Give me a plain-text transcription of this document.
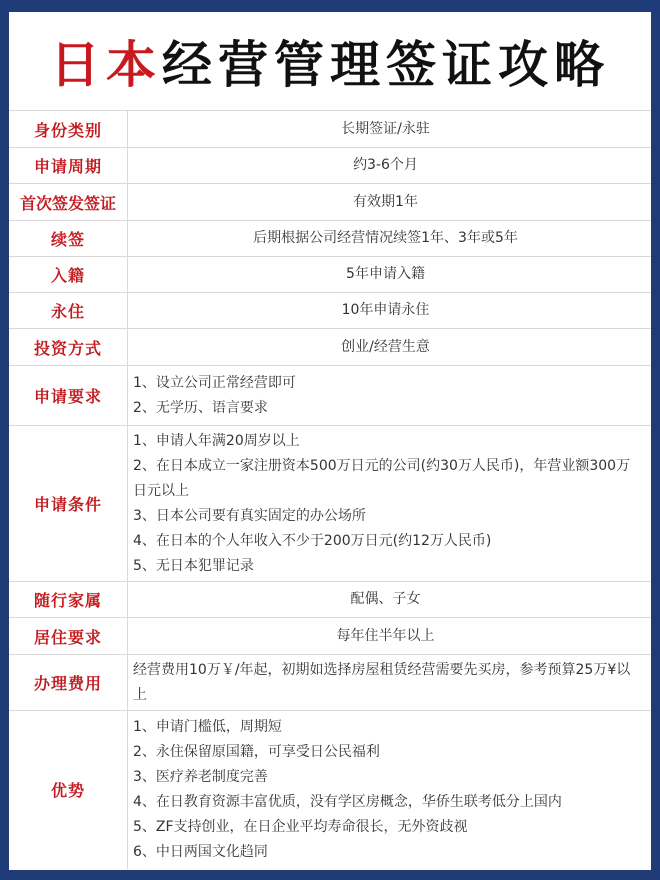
日本 经营管理签证攻略
身份类别	长期签证/永驻
申请周期	约3-6个月
首次签发签证	有效期1年
续签	后期根据公司经营情况续签1年、3年或5年
入籍	5年申请入籍
永住	10年申请永住
投资方式	创业/经营生意
申请要求	1、设立公司正常经营即可
2、无学历、语言要求

申请条件	1、申请人年满20周岁以上
2、在日本成立一家注册资本500万日元的公司(约30万人民币)，年营业额300万日元以上
3、日本公司要有真实固定的办公场所
4、在日本的个人年收入不少于200万日元(约12万人民币)
5、无日本犯罪记录

随行家属	配偶、子女
居住要求	每年住半年以上
办理费用	经营费用10万￥/年起，初期如选择房屋租赁经营需要先买房，参考预算25万¥以上

优势	
1、申请门槛低，周期短
2、永住保留原国籍，可享受日公民福利
3、医疗养老制度完善
4、在日教育资源丰富优质，没有学区房概念，华侨生联考低分上国内
5、ZF支持创业，在日企业平均寿命很长，无外资歧视
6、中日两国文化趋同
